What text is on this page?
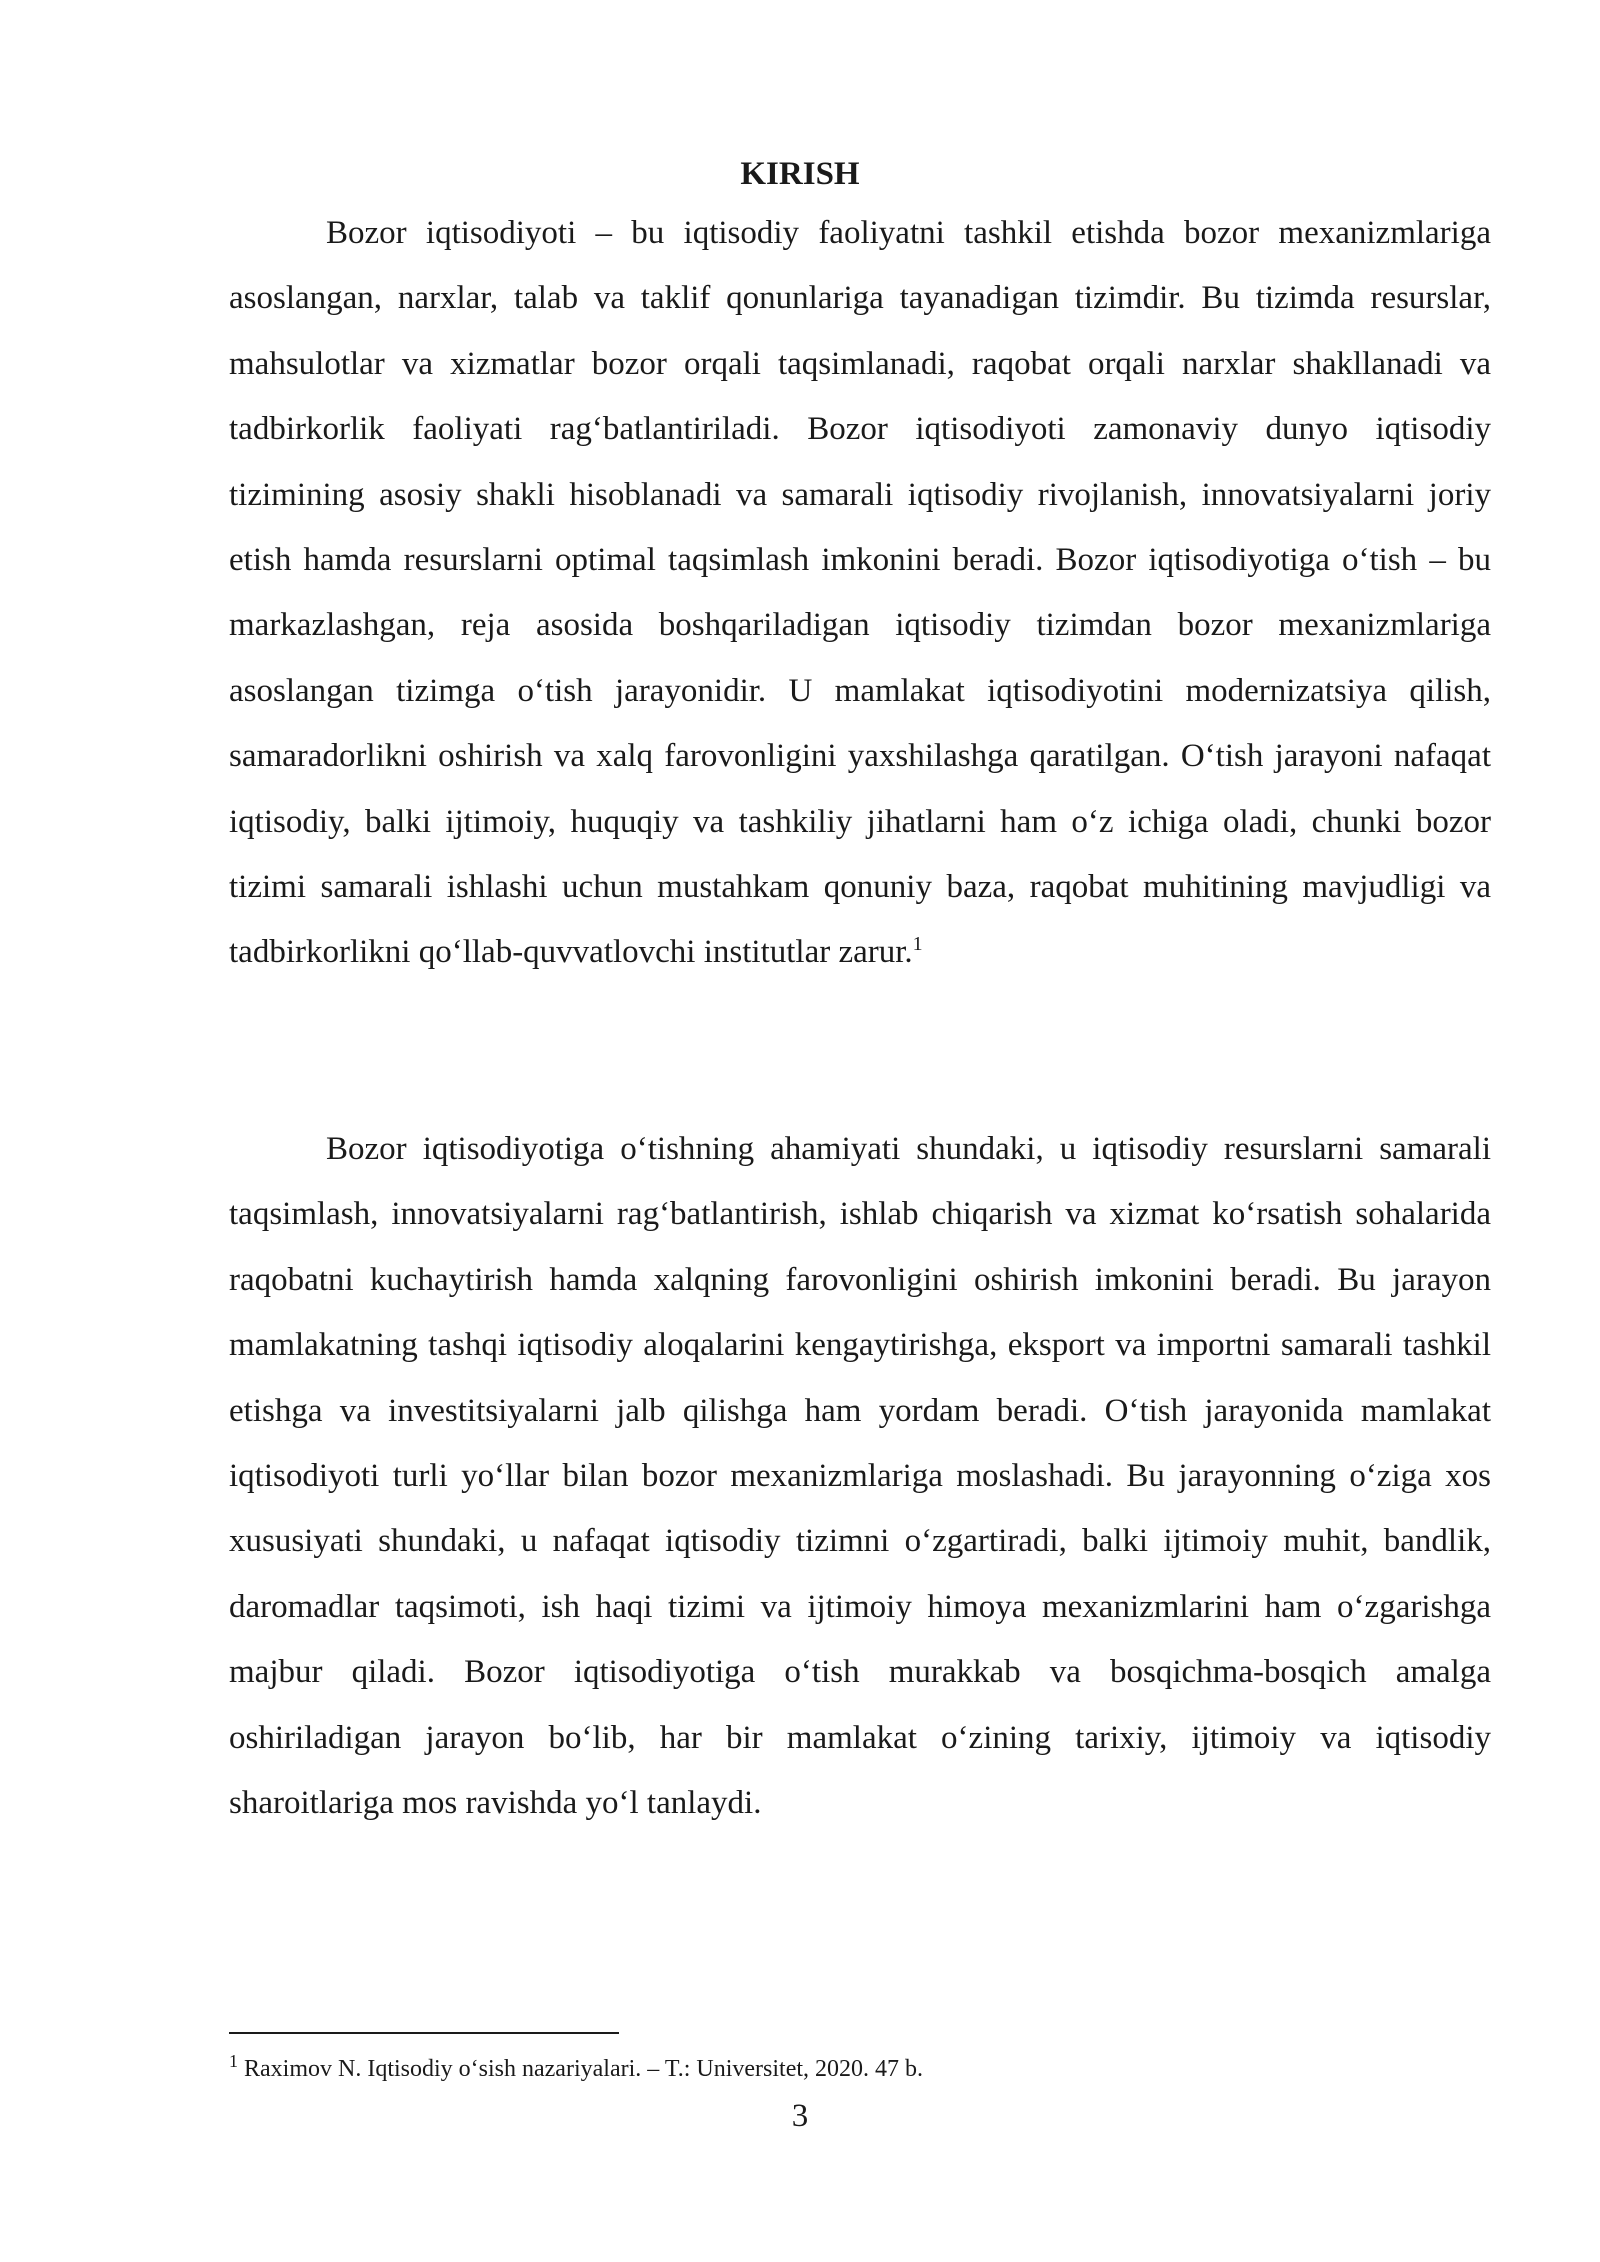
KIRISH

Bozor iqtisodiyoti – bu iqtisodiy faoliyatni tashkil etishda bozor mexanizmlariga asoslangan, narxlar, talab va taklif qonunlariga tayanadigan tizimdir. Bu tizimda resurslar, mahsulotlar va xizmatlar bozor orqali taqsimlanadi, raqobat orqali narxlar shakllanadi va tadbirkorlik faoliyati rag‘batlantiriladi. Bozor iqtisodiyoti zamonaviy dunyo iqtisodiy tizimining asosiy shakli hisoblanadi va samarali iqtisodiy rivojlanish, innovatsiyalarni joriy etish hamda resurslarni optimal taqsimlash imkonini beradi. Bozor iqtisodiyotiga o‘tish – bu markazlashgan, reja asosida boshqariladigan iqtisodiy tizimdan bozor mexanizmlariga asoslangan tizimga o‘tish jarayonidir. U mamlakat iqtisodiyotini modernizatsiya qilish, samaradorlikni oshirish va xalq farovonligini yaxshilashga qaratilgan. O‘tish jarayoni nafaqat iqtisodiy, balki ijtimoiy, huquqiy va tashkiliy jihatlarni ham o‘z ichiga oladi, chunki bozor tizimi samarali ishlashi uchun mustahkam qonuniy baza, raqobat muhitining mavjudligi va tadbirkorlikni qo‘llab-quvvatlovchi institutlar zarur.$^1$

Bozor iqtisodiyotiga o‘tishning ahamiyati shundaki, u iqtisodiy resurslarni samarali taqsimlash, innovatsiyalarni rag‘batlantirish, ishlab chiqarish va xizmat ko‘rsatish sohalarida raqobatni kuchaytirish hamda xalqning farovonligini oshirish imkonini beradi. Bu jarayon mamlakatning tashqi iqtisodiy aloqalarini kengaytirishga, eksport va importni samarali tashkil etishga va investitsiyalarni jalb qilishga ham yordam beradi. O‘tish jarayonida mamlakat iqtisodiyoti turli yo‘llar bilan bozor mexanizmlariga moslashadi. Bu jarayonning o‘ziga xos xususiyati shundaki, u nafaqat iqtisodiy tizimni o‘zgartiradi, balki ijtimoiy muhit, bandlik, daromadlar taqsimoti, ish haqi tizimi va ijtimoiy himoya mexanizmlarini ham o‘zgarishga majbur qiladi. Bozor iqtisodiyotiga o‘tish murakkab va bosqichma-bosqich amalga oshiriladigan jarayon bo‘lib, har bir mamlakat o‘zining tarixiy, ijtimoiy va iqtisodiy sharoitlariga mos ravishda yo‘l tanlaydi.

$^1$ Raximov N. Iqtisodiy o‘sish nazariyalari. – T.: Universitet, 2020. 47 b.

3
